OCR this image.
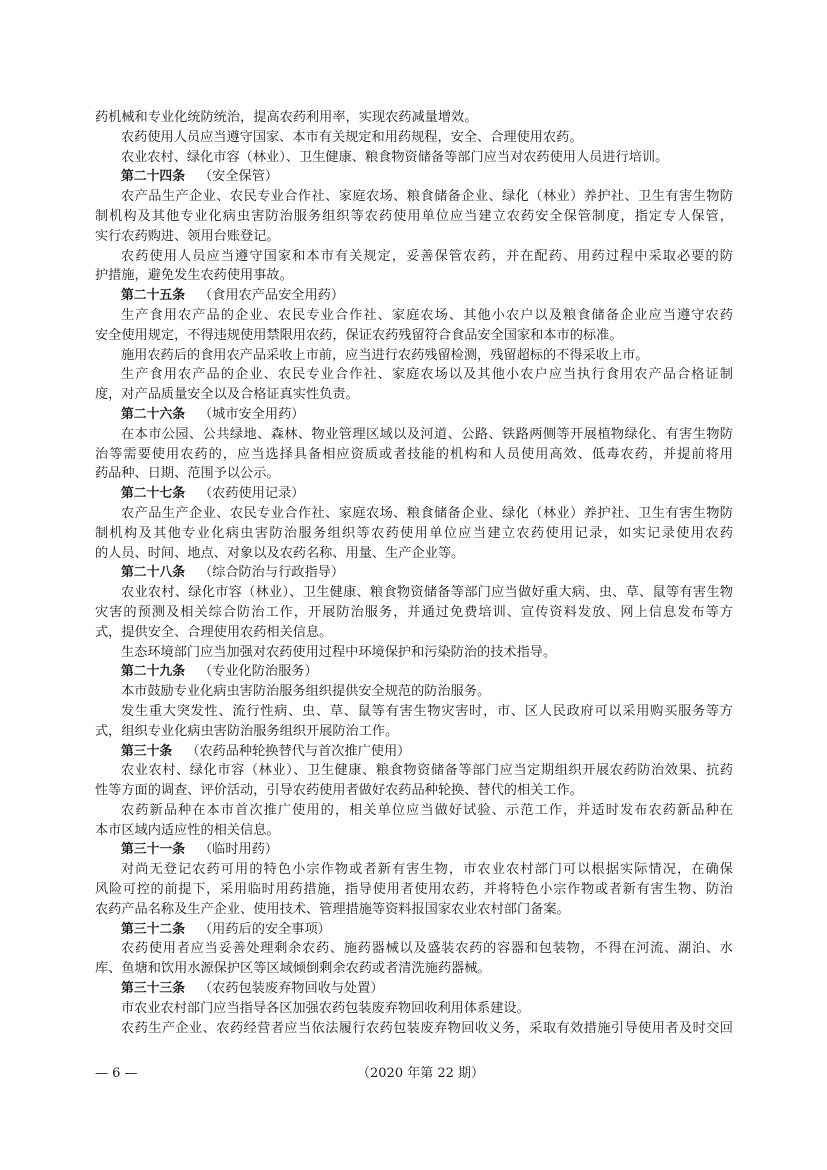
药机械和专业化统防统治，提高农药利用率，实现农药减量增效。
农药使用人员应当遵守国家、本市有关规定和用药规程，安全、合理使用农药。
农业农村、绿化市容（林业）、卫生健康、粮食物资储备等部门应当对农药使用人员进行培训。
第二十四条 （安全保管）
农产品生产企业、农民专业合作社、家庭农场、粮食储备企业、绿化（林业）养护社、卫生有害生物防
制机构及其他专业化病虫害防治服务组织等农药使用单位应当建立农药安全保管制度，指定专人保管，
实行农药购进、领用台账登记。
农药使用人员应当遵守国家和本市有关规定，妥善保管农药，并在配药、用药过程中采取必要的防
护措施，避免发生农药使用事故。
第二十五条 （食用农产品安全用药）
生产食用农产品的企业、农民专业合作社、家庭农场、其他小农户以及粮食储备企业应当遵守农药
安全使用规定，不得违规使用禁限用农药，保证农药残留符合食品安全国家和本市的标准。
施用农药后的食用农产品采收上市前，应当进行农药残留检测，残留超标的不得采收上市。
生产食用农产品的企业、农民专业合作社、家庭农场以及其他小农户应当执行食用农产品合格证制
度，对产品质量安全以及合格证真实性负责。
第二十六条 （城市安全用药）
在本市公园、公共绿地、森林、物业管理区域以及河道、公路、铁路两侧等开展植物绿化、有害生物防
治等需要使用农药的，应当选择具备相应资质或者技能的机构和人员使用高效、低毒农药，并提前将用
药品种、日期、范围予以公示。
第二十七条 （农药使用记录）
农产品生产企业、农民专业合作社、家庭农场、粮食储备企业、绿化（林业）养护社、卫生有害生物防
制机构及其他专业化病虫害防治服务组织等农药使用单位应当建立农药使用记录，如实记录使用农药
的人员、时间、地点、对象以及农药名称、用量、生产企业等。
第二十八条 （综合防治与行政指导）
农业农村、绿化市容（林业）、卫生健康、粮食物资储备等部门应当做好重大病、虫、草、鼠等有害生物
灾害的预测及相关综合防治工作，开展防治服务，并通过免费培训、宣传资料发放、网上信息发布等方
式，提供安全、合理使用农药相关信息。
生态环境部门应当加强对农药使用过程中环境保护和污染防治的技术指导。
第二十九条 （专业化防治服务）
本市鼓励专业化病虫害防治服务组织提供安全规范的防治服务。
发生重大突发性、流行性病、虫、草、鼠等有害生物灾害时，市、区人民政府可以采用购买服务等方
式，组织专业化病虫害防治服务组织开展防治工作。
第三十条 （农药品种轮换替代与首次推广使用）
农业农村、绿化市容（林业）、卫生健康、粮食物资储备等部门应当定期组织开展农药防治效果、抗药
性等方面的调查、评价活动，引导农药使用者做好农药品种轮换、替代的相关工作。
农药新品种在本市首次推广使用的，相关单位应当做好试验、示范工作，并适时发布农药新品种在
本市区域内适应性的相关信息。
第三十一条 （临时用药）
对尚无登记农药可用的特色小宗作物或者新有害生物，市农业农村部门可以根据实际情况，在确保
风险可控的前提下，采用临时用药措施，指导使用者使用农药，并将特色小宗作物或者新有害生物、防治
农药产品名称及生产企业、使用技术、管理措施等资料报国家农业农村部门备案。
第三十二条 （用药后的安全事项）
农药使用者应当妥善处理剩余农药、施药器械以及盛装农药的容器和包装物，不得在河流、湖泊、水
库、鱼塘和饮用水源保护区等区域倾倒剩余农药或者清洗施药器械。
第三十三条 （农药包装废弃物回收与处置）
市农业农村部门应当指导各区加强农药包装废弃物回收利用体系建设。
农药生产企业、农药经营者应当依法履行农药包装废弃物回收义务，采取有效措施引导使用者及时交回
— 6 —	（2020 年第 22 期）
